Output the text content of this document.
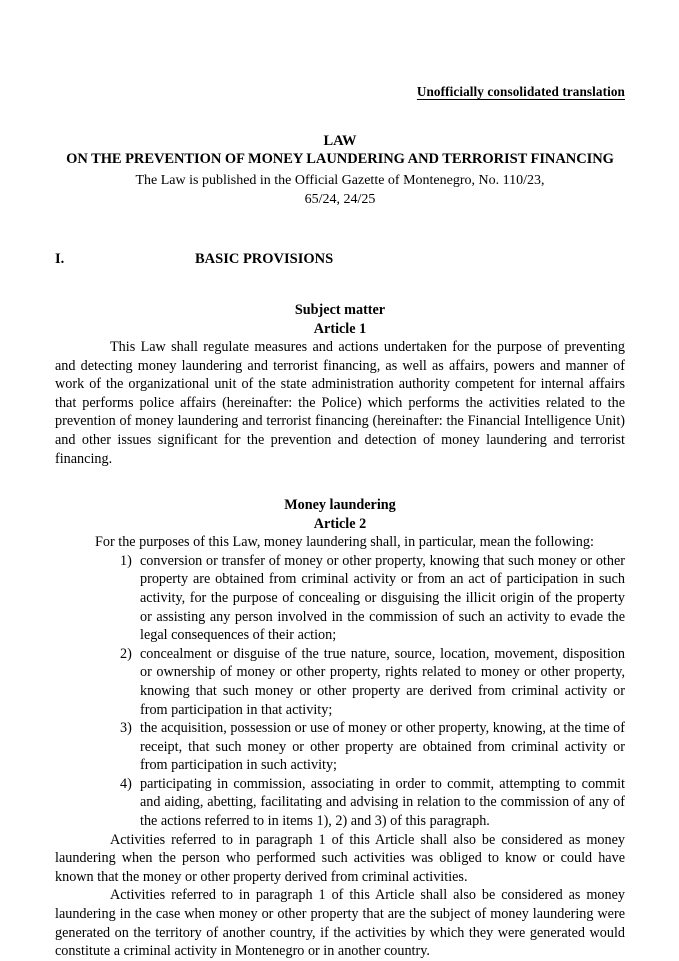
Unofficially consolidated translation
LAW
ON THE PREVENTION OF MONEY LAUNDERING AND TERRORIST FINANCING
The Law is published in the Official Gazette of Montenegro, No. 110/23,
65/24, 24/25
I.	BASIC PROVISIONS
Subject matter
Article 1

This Law shall regulate measures and actions undertaken for the purpose of preventing and detecting money laundering and terrorist financing, as well as affairs, powers and manner of work of the organizational unit of the state administration authority competent for internal affairs that performs police affairs (hereinafter: the Police) which performs the activities related to the prevention of money laundering and terrorist financing (hereinafter: the Financial Intelligence Unit) and other issues significant for the prevention and detection of money laundering and terrorist financing.

Money laundering
Article 2

For the purposes of this Law, money laundering shall, in particular, mean the following:

1) conversion or transfer of money or other property, knowing that such money or other property are obtained from criminal activity or from an act of participation in such activity, for the purpose of concealing or disguising the illicit origin of the property or assisting any person involved in the commission of such an activity to evade the legal consequences of their action;
2) concealment or disguise of the true nature, source, location, movement, disposition or ownership of money or other property, rights related to money or other property, knowing that such money or other property are derived from criminal activity or from participation in that activity;
3) the acquisition, possession or use of money or other property, knowing, at the time of receipt, that such money or other property are obtained from criminal activity or from participation in such activity;
4) participating in commission, associating in order to commit, attempting to commit and aiding, abetting, facilitating and advising in relation to the commission of any of the actions referred to in items 1), 2) and 3) of this paragraph.

Activities referred to in paragraph 1 of this Article shall also be considered as money laundering when the person who performed such activities was obliged to know or could have known that the money or other property derived from criminal activities.

Activities referred to in paragraph 1 of this Article shall also be considered as money laundering in the case when money or other property that are the subject of money laundering were generated on the territory of another country, if the activities by which they were generated would constitute a criminal activity in Montenegro or in another country.
